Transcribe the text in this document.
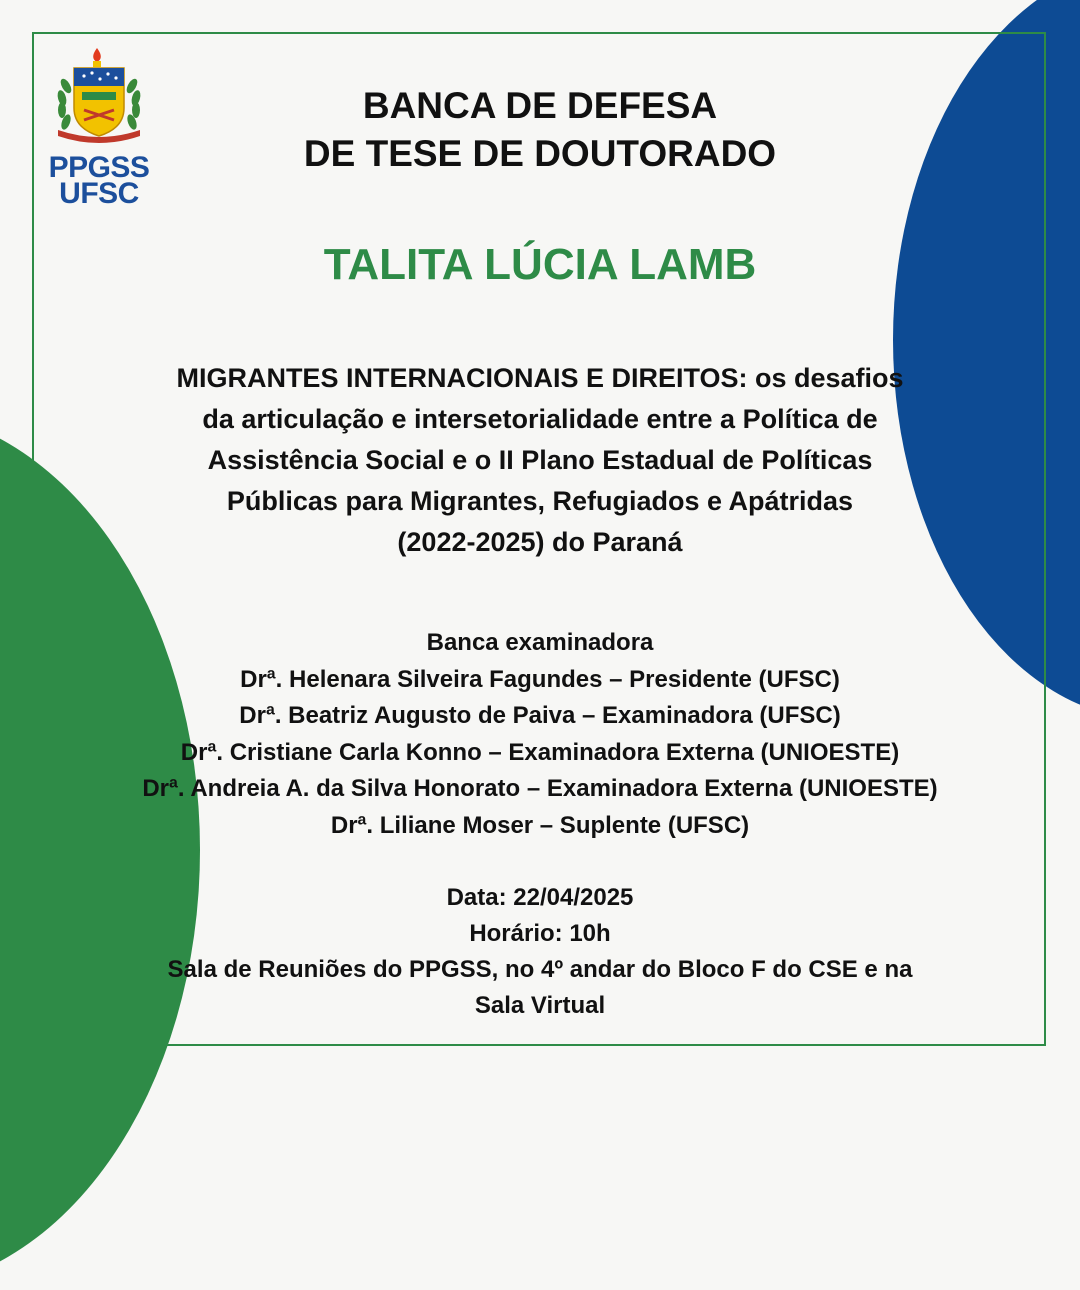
PPGSS
UFSC
BANCA DE DEFESA
DE TESE DE DOUTORADO
TALITA LÚCIA LAMB
MIGRANTES INTERNACIONAIS E DIREITOS: os desafios
da articulação e intersetorialidade entre a Política de
Assistência Social e o II Plano Estadual de Políticas
Públicas para Migrantes, Refugiados e Apátridas
(2022-2025) do Paraná
Banca examinadora
Drª. Helenara Silveira Fagundes – Presidente (UFSC)
Drª. Beatriz Augusto de Paiva – Examinadora (UFSC)
Drª. Cristiane Carla Konno – Examinadora Externa (UNIOESTE)
Drª. Andreia A. da Silva Honorato – Examinadora Externa (UNIOESTE)
Drª. Liliane Moser – Suplente (UFSC)
Data: 22/04/2025
Horário: 10h
Sala de Reuniões do PPGSS, no 4º andar do Bloco F do CSE e na
Sala Virtual
